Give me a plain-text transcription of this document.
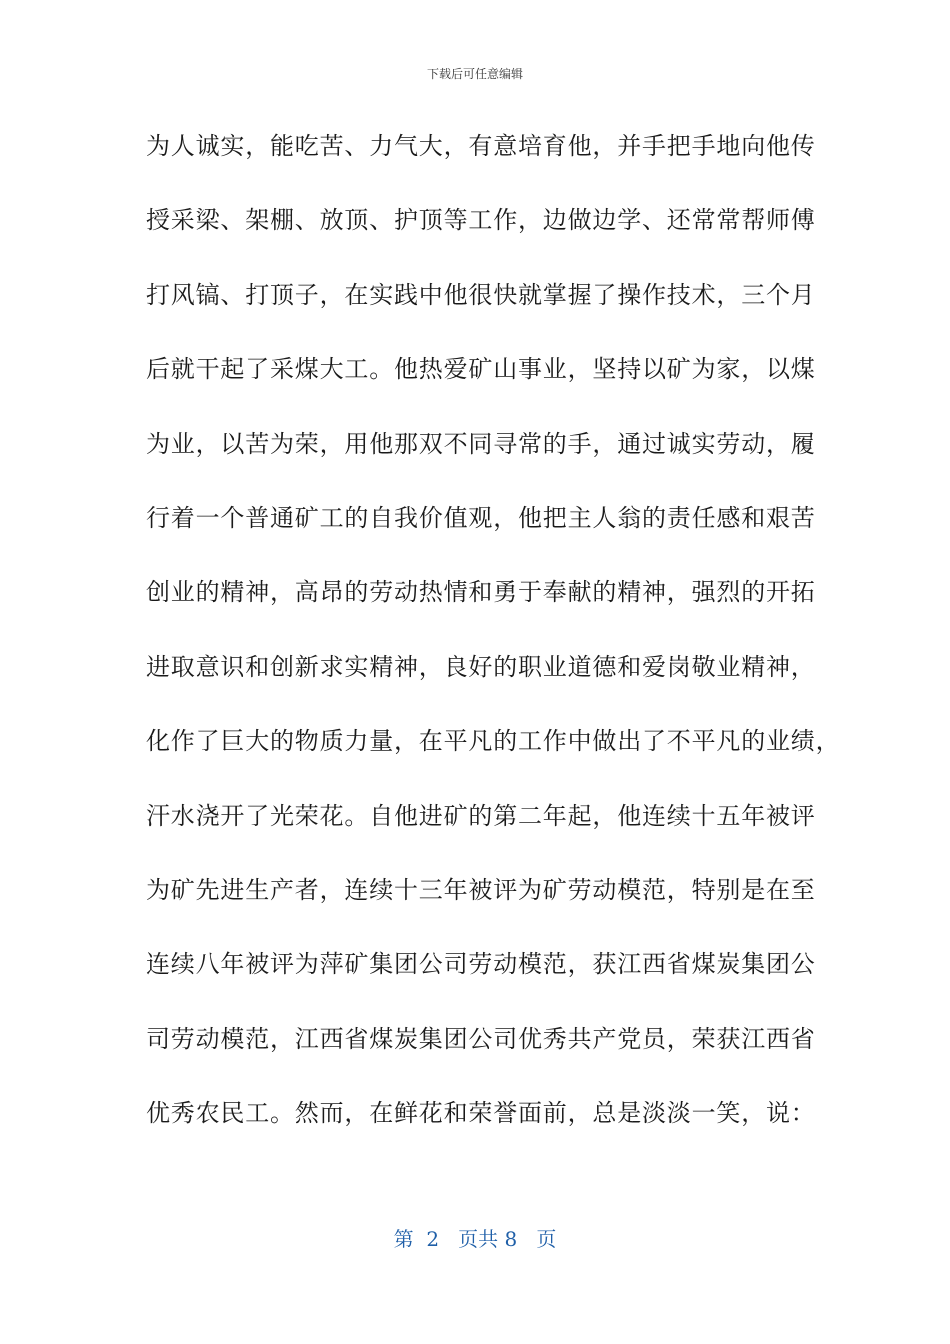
下载后可任意编辑
为人诚实，能吃苦、力气大，有意培育他，并手把手地向他传
授采梁、架棚、放顶、护顶等工作，边做边学、还常常帮师傅
打风镐、打顶子，在实践中他很快就掌握了操作技术，三个月
后就干起了采煤大工。他热爱矿山事业，坚持以矿为家，以煤
为业，以苦为荣，用他那双不同寻常的手，通过诚实劳动，履
行着一个普通矿工的自我价值观，他把主人翁的责任感和艰苦
创业的精神，高昂的劳动热情和勇于奉献的精神，强烈的开拓
进取意识和创新求实精神，良好的职业道德和爱岗敬业精神，
化作了巨大的物质力量，在平凡的工作中做出了不平凡的业绩，
汗水浇开了光荣花。自他进矿的第二年起，他连续十五年被评
为矿先进生产者，连续十三年被评为矿劳动模范，特别是在至
连续八年被评为萍矿集团公司劳动模范，获江西省煤炭集团公
司劳动模范，江西省煤炭集团公司优秀共产党员，荣获江西省
优秀农民工。然而，在鲜花和荣誉面前，总是淡淡一笑，说：
第  2   页共 8   页
